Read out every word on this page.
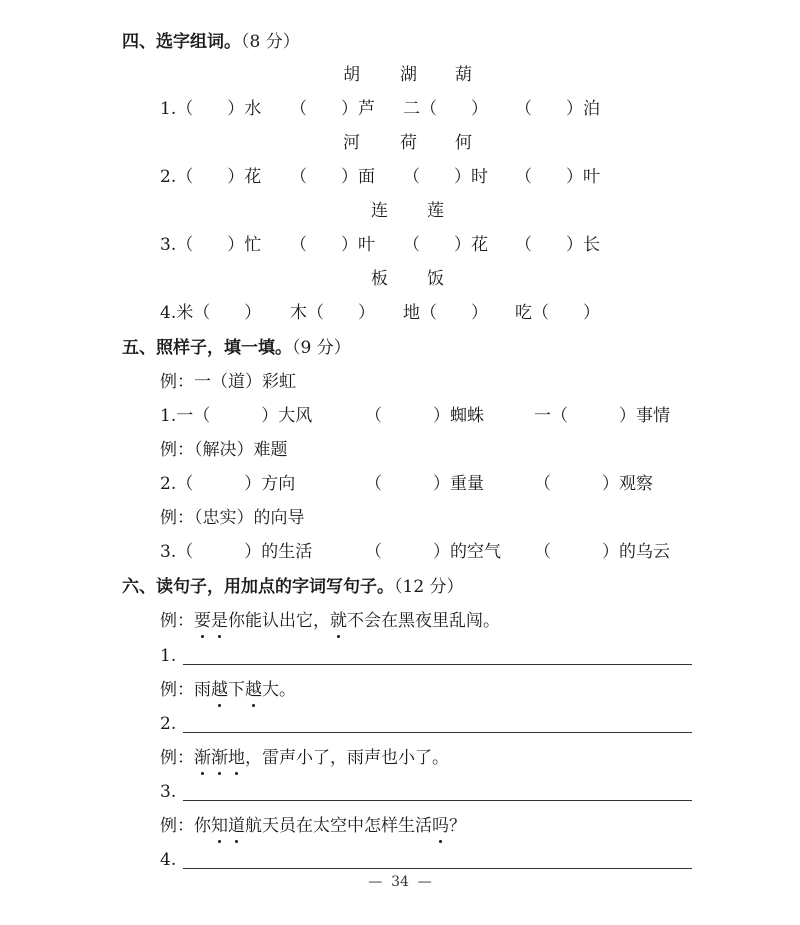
四、选字组词。（8 分）
胡 湖 葫
1.（　　）水 （　　）芦 二（　　） （　　）泊
河 荷 何
2.（　　）花 （　　）面 （　　）时 （　　）叶
连 莲
3.（　　）忙 （　　）叶 （　　）花 （　　）长
板 饭
4.米（　　） 木（　　） 地（　　） 吃（　　）
五、照样子，填一填。（9 分）
例：一（道）彩虹
1.一（　　　）大风	（　　　）蜘蛛	一（　　　）事情
例：（解决）难题
2.（　　　）方向	（　　　）重量	（　　　）观察
例：（忠实）的向导
3.（　　　）的生活	（　　　）的空气 （　　　）的乌云
六、读句子，用加点的字词写句子。（12 分）
例：要是你能认出它，就不会在黑夜里乱闯。
1.
例：雨越下越大。
2.
例：渐渐地，雷声小了，雨声也小了。
3.
例：你知道航天员在太空中怎样生活吗？
4.
—  34  —
